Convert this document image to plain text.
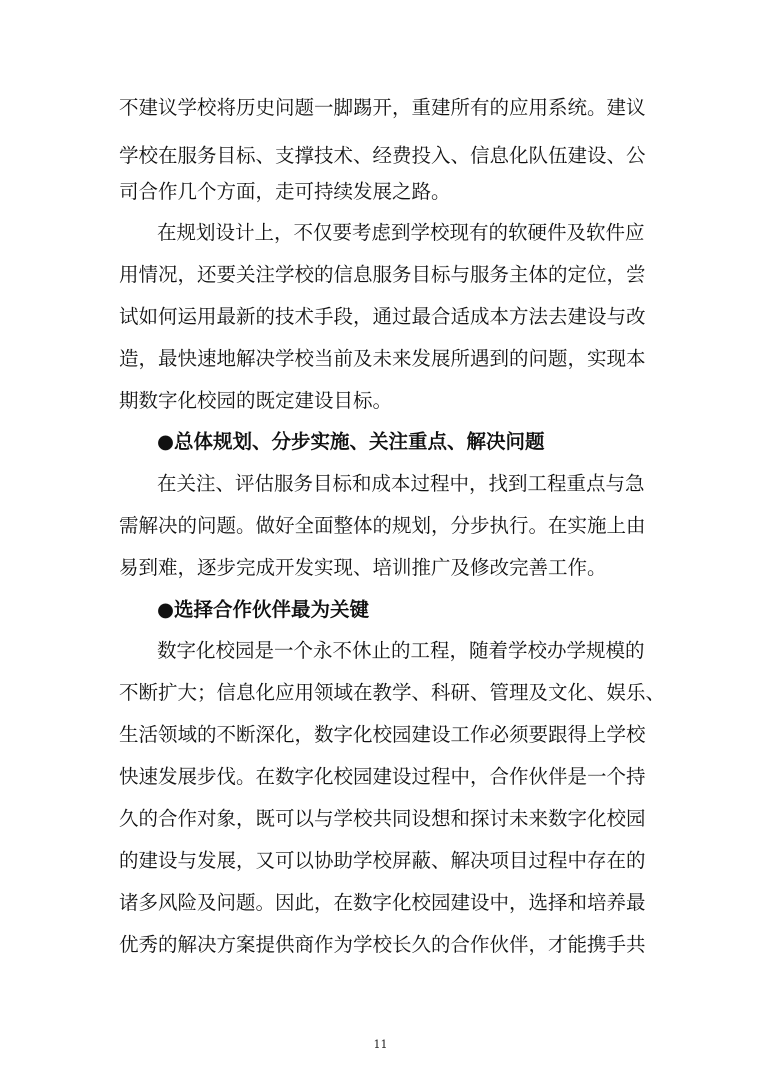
不建议学校将历史问题一脚踢开，重建所有的应用系统。建议
学校在服务目标、支撑技术、经费投入、信息化队伍建设、公
司合作几个方面，走可持续发展之路。
在规划设计上，不仅要考虑到学校现有的软硬件及软件应
用情况，还要关注学校的信息服务目标与服务主体的定位，尝
试如何运用最新的技术手段，通过最合适成本方法去建设与改
造，最快速地解决学校当前及未来发展所遇到的问题，实现本
期数字化校园的既定建设目标。
●总体规划、分步实施、关注重点、解决问题
在关注、评估服务目标和成本过程中，找到工程重点与急
需解决的问题。做好全面整体的规划，分步执行。在实施上由
易到难，逐步完成开发实现、培训推广及修改完善工作。
●选择合作伙伴最为关键
数字化校园是一个永不休止的工程，随着学校办学规模的
不断扩大；信息化应用领域在教学、科研、管理及文化、娱乐、
生活领域的不断深化，数字化校园建设工作必须要跟得上学校
快速发展步伐。在数字化校园建设过程中，合作伙伴是一个持
久的合作对象，既可以与学校共同设想和探讨未来数字化校园
的建设与发展，又可以协助学校屏蔽、解决项目过程中存在的
诸多风险及问题。因此，在数字化校园建设中，选择和培养最
优秀的解决方案提供商作为学校长久的合作伙伴，才能携手共
11
